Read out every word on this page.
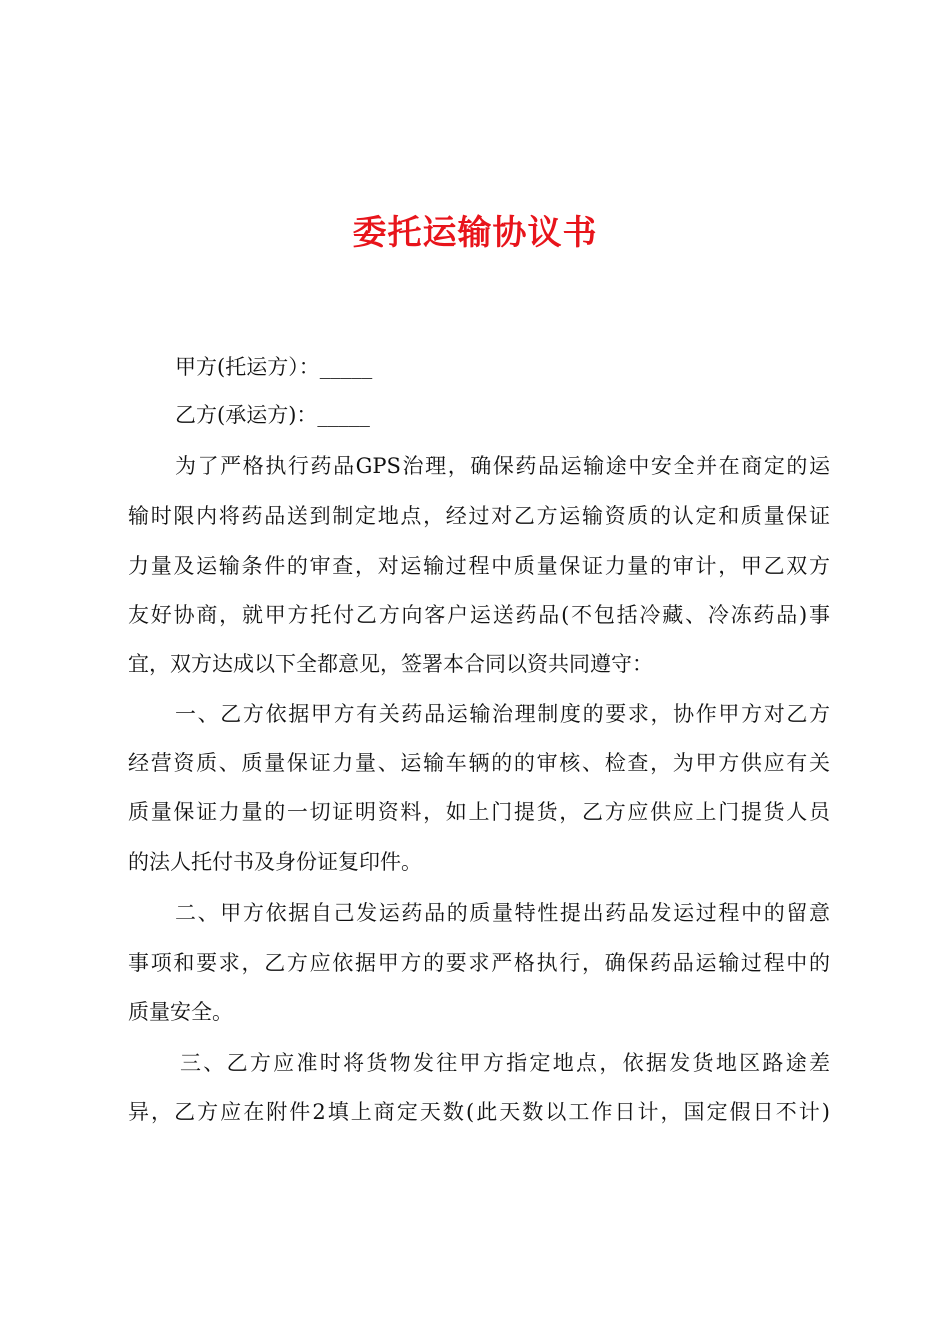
委托运输协议书
甲方(托运方）：_____
乙方(承运方)：_____
为了严格执行药品GPS治理，确保药品运输途中安全并在商定的运
输时限内将药品送到制定地点，经过对乙方运输资质的认定和质量保证
力量及运输条件的审查，对运输过程中质量保证力量的审计，甲乙双方
友好协商，就甲方托付乙方向客户运送药品(不包括冷藏、冷冻药品)事
宜，双方达成以下全都意见，签署本合同以资共同遵守：
一、乙方依据甲方有关药品运输治理制度的要求，协作甲方对乙方
经营资质、质量保证力量、运输车辆的的审核、检查，为甲方供应有关
质量保证力量的一切证明资料，如上门提货，乙方应供应上门提货人员
的法人托付书及身份证复印件。
二、甲方依据自己发运药品的质量特性提出药品发运过程中的留意
事项和要求，乙方应依据甲方的要求严格执行，确保药品运输过程中的
质量安全。
三、乙方应准时将货物发往甲方指定地点，依据发货地区路途差
异，乙方应在附件2填上商定天数(此天数以工作日计，国定假日不计)
